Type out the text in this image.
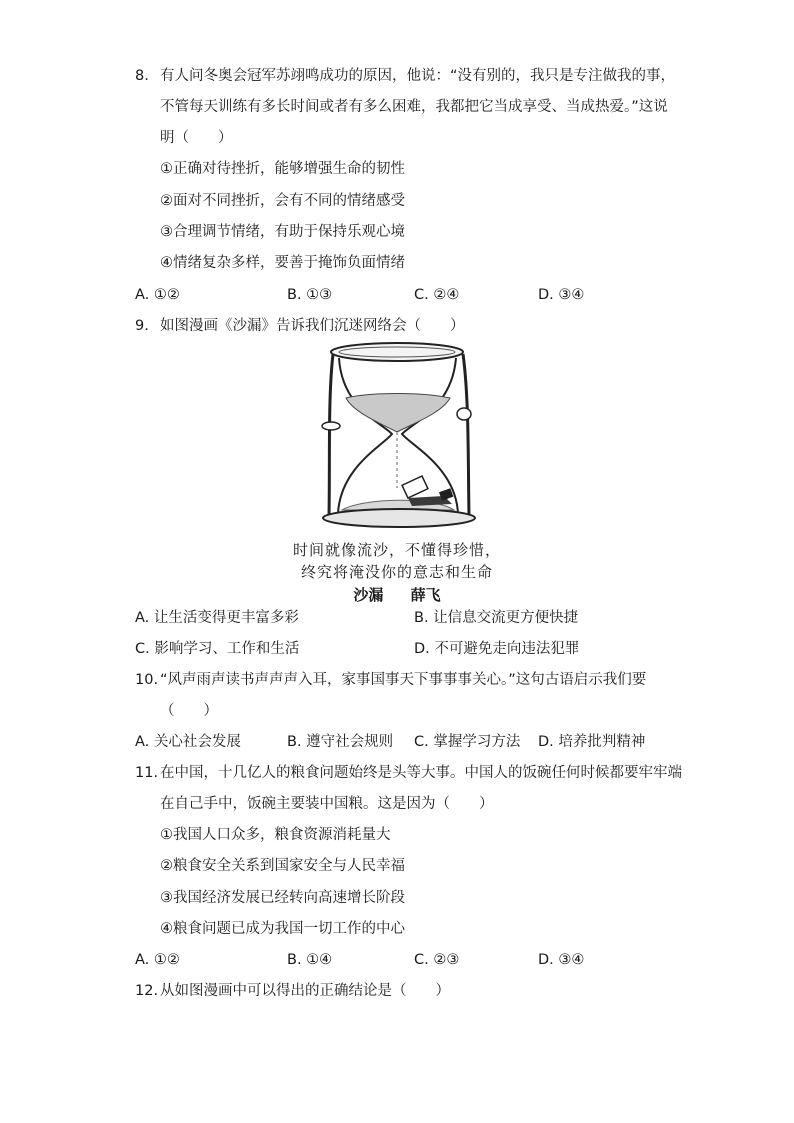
8. 有人问冬奥会冠军苏翊鸣成功的原因，他说：“没有别的，我只是专注做我的事，
不管每天训练有多长时间或者有多么困难，我都把它当成享受、当成热爱。”这说
明（　　）
①正确对待挫折，能够增强生命的韧性
②面对不同挫折，会有不同的情绪感受
③合理调节情绪，有助于保持乐观心境
④情绪复杂多样，要善于掩饰负面情绪
A. ①②	B. ①③	C. ②④	D. ③④
9. 如图漫画《沙漏》告诉我们沉迷网络会（　　）
时间就像流沙，不懂得珍惜，
终究将淹没你的意志和生命
沙漏 薛飞
A. 让生活变得更丰富多彩	B. 让信息交流更方便快捷
C. 影响学习、工作和生活	D. 不可避免走向违法犯罪
10. “风声雨声读书声声声入耳，家事国事天下事事事关心。”这句古语启示我们要
（　　）
A. 关心社会发展	B. 遵守社会规则 C. 掌握学习方法 D. 培养批判精神
11. 在中国，十几亿人的粮食问题始终是头等大事。中国人的饭碗任何时候都要牢牢端
在自己手中，饭碗主要装中国粮。这是因为（　　）
①我国人口众多，粮食资源消耗量大
②粮食安全关系到国家安全与人民幸福
③我国经济发展已经转向高速增长阶段
④粮食问题已成为我国一切工作的中心
A. ①②	B. ①④	C. ②③	D. ③④
12. 从如图漫画中可以得出的正确结论是（　　）
